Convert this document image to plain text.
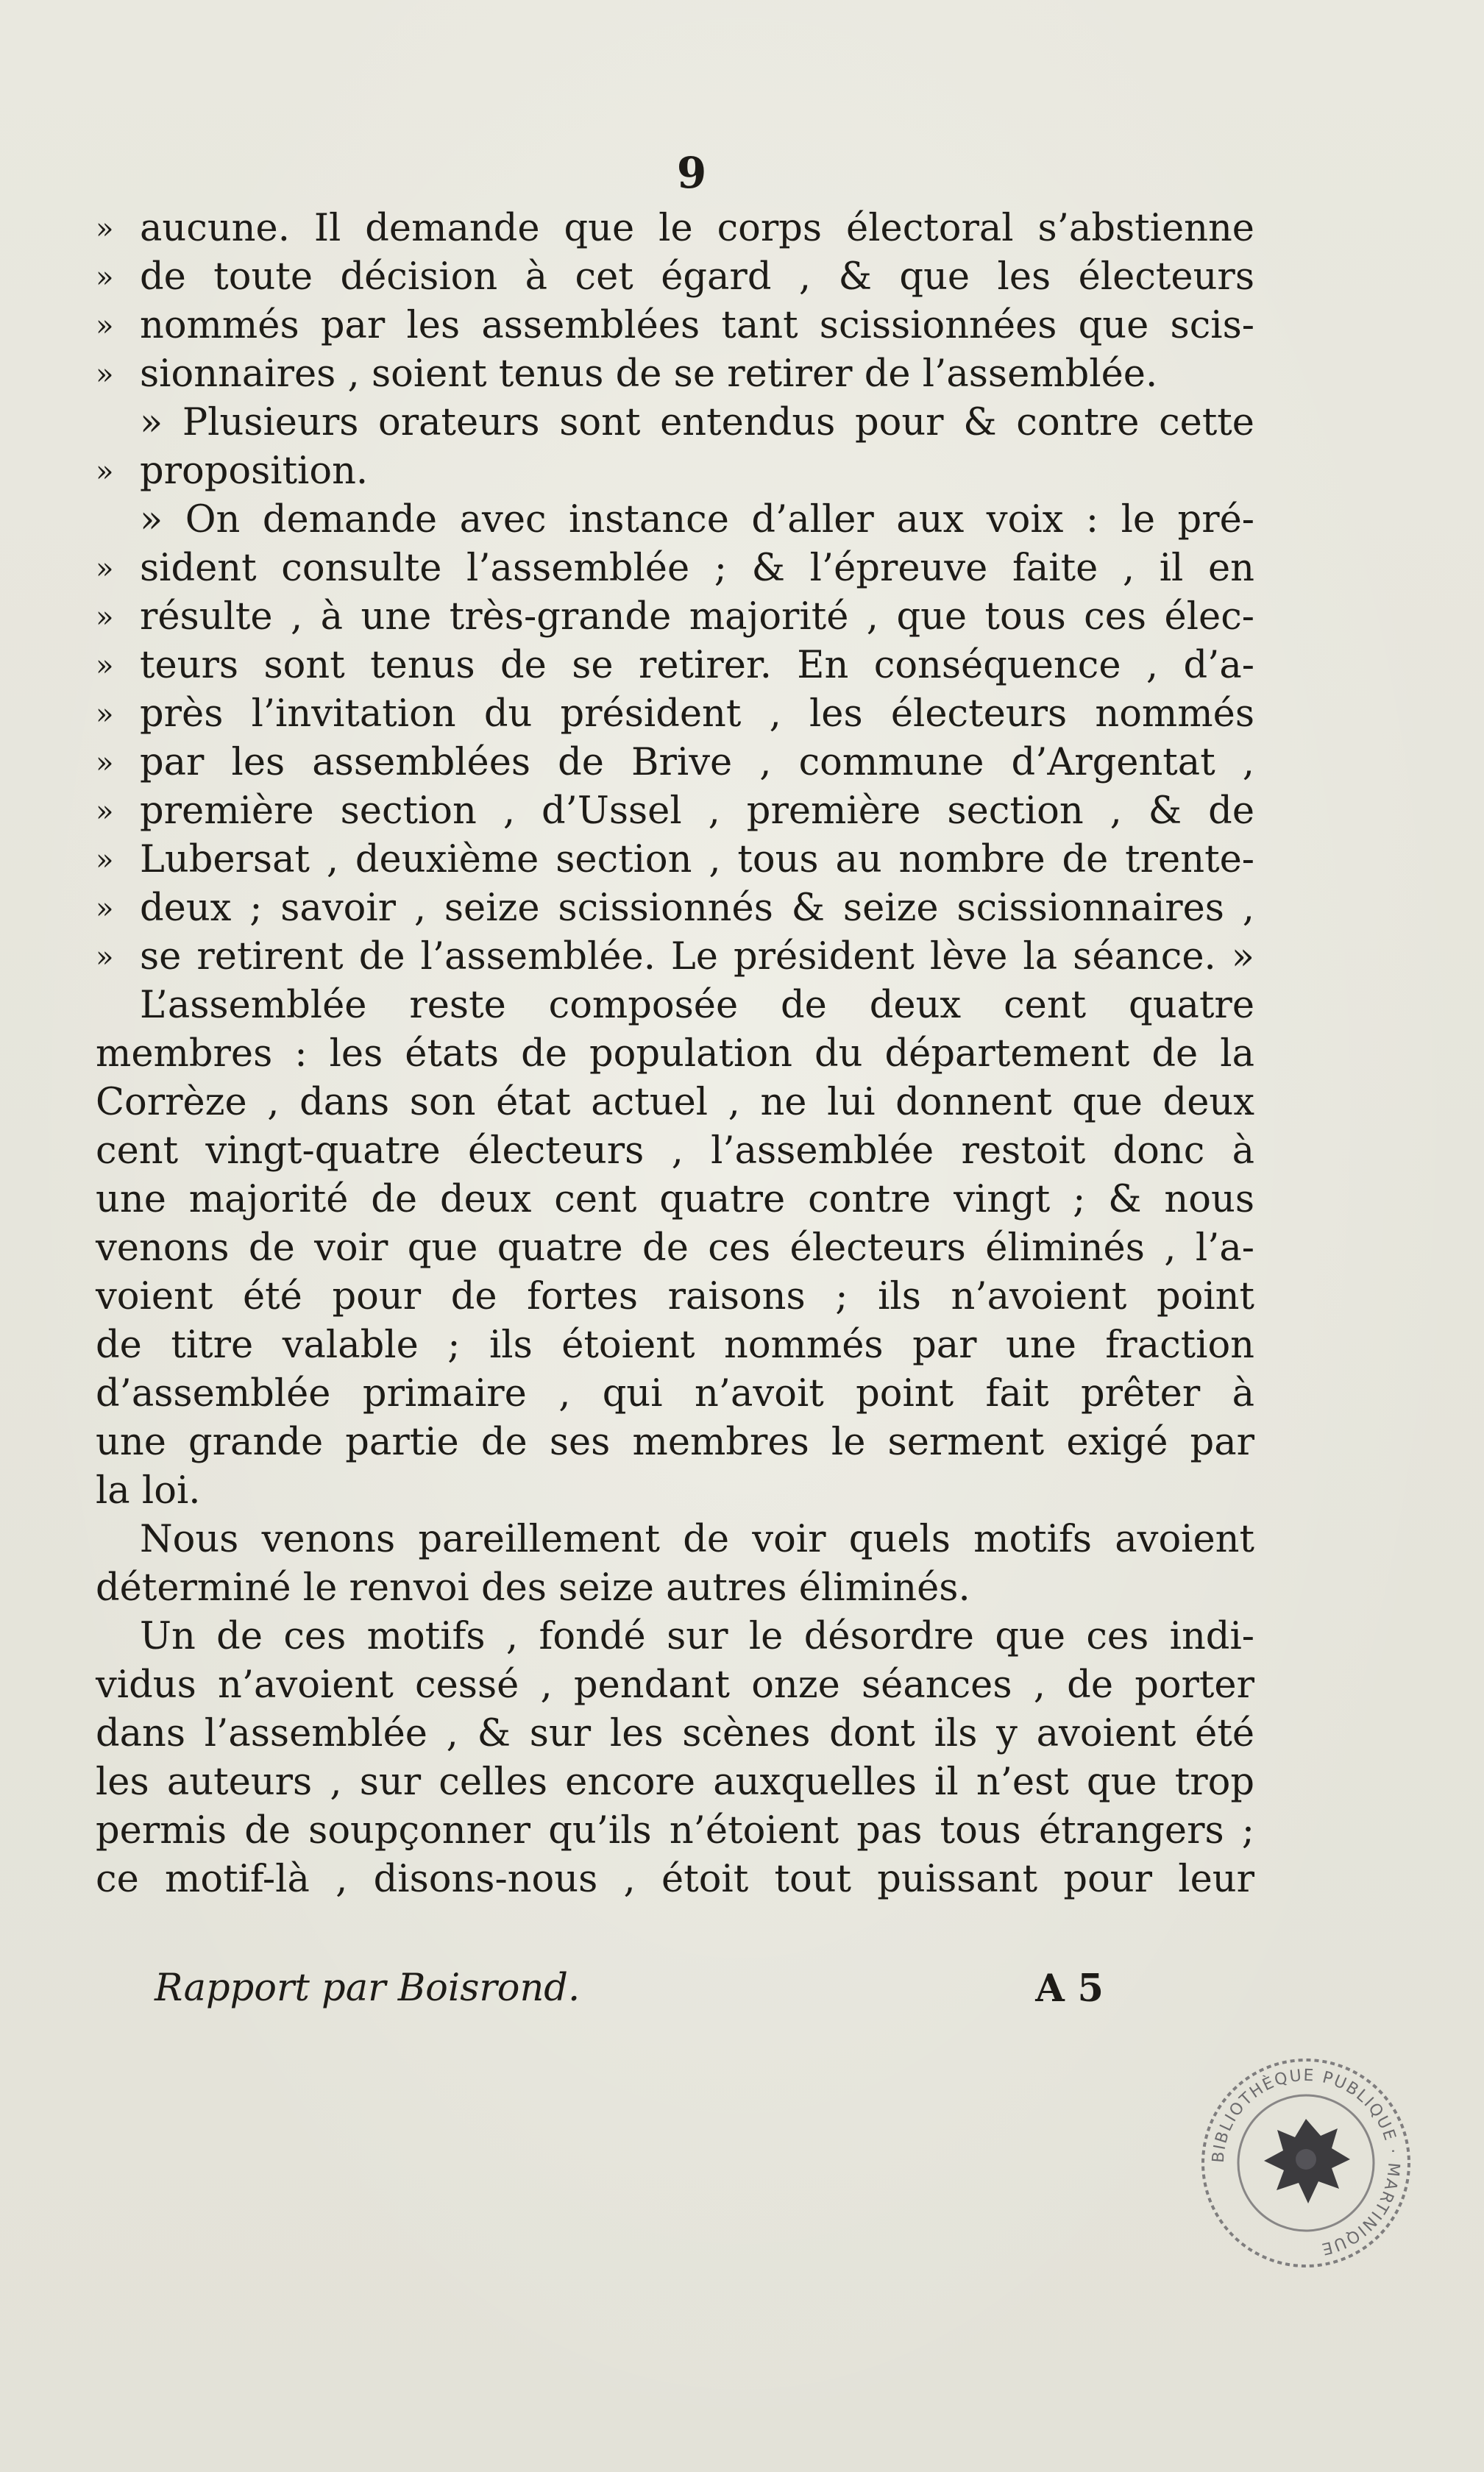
9
» aucune. Il demande que le corps électoral s’abstienne
» de toute décision à cet égard , & que les électeurs
» nommés par les assemblées tant scissionnées que scis-
» sionnaires , soient tenus de se retirer de l’assemblée.
» Plusieurs orateurs sont entendus pour & contre cette
» proposition.
» On demande avec instance d’aller aux voix : le pré-
» sident consulte l’assemblée ; & l’épreuve faite , il en
» résulte , à une très-grande majorité , que tous ces élec-
» teurs sont tenus de se retirer. En conséquence , d’a-
» près l’invitation du président , les électeurs nommés
» par les assemblées de Brive , commune d’Argentat ,
» première section , d’Ussel , première section , & de
» Lubersat , deuxième section , tous au nombre de trente-
» deux ; savoir , seize scissionnés & seize scissionnaires ,
» se retirent de l’assemblée. Le président lève la séance. »
L’assemblée reste composée de deux cent quatre
membres : les états de population du département de la
Corrèze , dans son état actuel , ne lui donnent que deux
cent vingt-quatre électeurs , l’assemblée restoit donc à
une majorité de deux cent quatre contre vingt ; & nous
venons de voir que quatre de ces électeurs éliminés , l’a-
voient été pour de fortes raisons ; ils n’avoient point
de titre valable ; ils étoient nommés par une fraction
d’assemblée primaire , qui n’avoit point fait prêter à
une grande partie de ses membres le serment exigé par
la loi.
Nous venons pareillement de voir quels motifs avoient
déterminé le renvoi des seize autres éliminés.
Un de ces motifs , fondé sur le désordre que ces indi-
vidus n’avoient cessé , pendant onze séances , de porter
dans l’assemblée , & sur les scènes dont ils y avoient été
les auteurs , sur celles encore auxquelles il n’est que trop
permis de soupçonner qu’ils n’étoient pas tous étrangers ;
ce motif-là , disons-nous , étoit tout puissant pour leur
Rapport par Boisrond.	A 5
BIBLIOTHÈQUE PUBLIQUE · MARTINIQUE
